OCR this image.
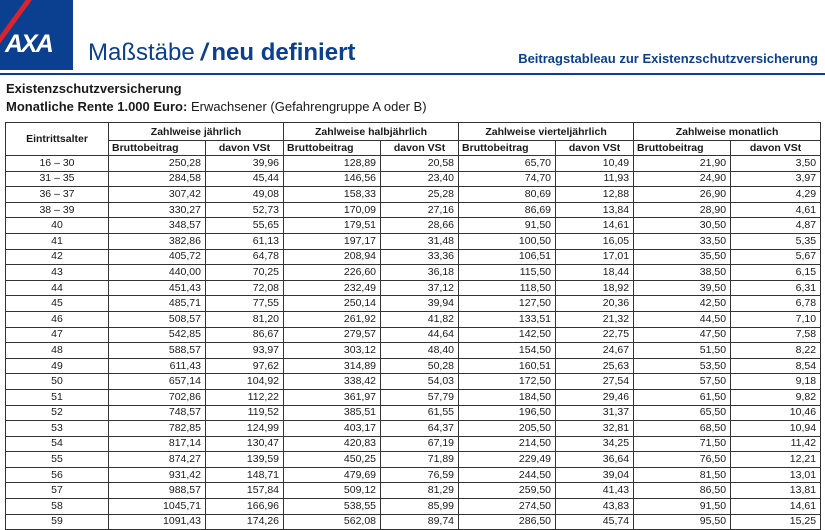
AXA Maßstäbe / neu definiert	Beitragstableau zur Existenzschutzversicherung
Existenzschutzversicherung
Monatliche Rente 1.000 Euro: Erwachsener (Gefahrengruppe A oder B)
Eintrittsalter	Zahlweise jährlich		Zahlweise halbjährlich		Zahlweise vierteljährlich		Zahlweise monatlich	
	Bruttobeitrag	davon VSt	Bruttobeitrag	davon VSt	Bruttobeitrag	davon VSt	Bruttobeitrag	davon VSt
16 – 30	250,28	39,96	128,89	20,58	65,70	10,49	21,90	3,50
31 – 35	284,58	45,44	146,56	23,40	74,70	11,93	24,90	3,97
36 – 37	307,42	49,08	158,33	25,28	80,69	12,88	26,90	4,29
38 – 39	330,27	52,73	170,09	27,16	86,69	13,84	28,90	4,61
40	348,57	55,65	179,51	28,66	91,50	14,61	30,50	4,87
41	382,86	61,13	197,17	31,48	100,50	16,05	33,50	5,35
42	405,72	64,78	208,94	33,36	106,51	17,01	35,50	5,67
43	440,00	70,25	226,60	36,18	115,50	18,44	38,50	6,15
44	451,43	72,08	232,49	37,12	118,50	18,92	39,50	6,31
45	485,71	77,55	250,14	39,94	127,50	20,36	42,50	6,78
46	508,57	81,20	261,92	41,82	133,51	21,32	44,50	7,10
47	542,85	86,67	279,57	44,64	142,50	22,75	47,50	7,58
48	588,57	93,97	303,12	48,40	154,50	24,67	51,50	8,22
49	611,43	97,62	314,89	50,28	160,51	25,63	53,50	8,54
50	657,14	104,92	338,42	54,03	172,50	27,54	57,50	9,18
51	702,86	112,22	361,97	57,79	184,50	29,46	61,50	9,82
52	748,57	119,52	385,51	61,55	196,50	31,37	65,50	10,46
53	782,85	124,99	403,17	64,37	205,50	32,81	68,50	10,94
54	817,14	130,47	420,83	67,19	214,50	34,25	71,50	11,42
55	874,27	139,59	450,25	71,89	229,49	36,64	76,50	12,21
56	931,42	148,71	479,69	76,59	244,50	39,04	81,50	13,01
57	988,57	157,84	509,12	81,29	259,50	41,43	86,50	13,81
58	1045,71	166,96	538,55	85,99	274,50	43,83	91,50	14,61
59	1091,43	174,26	562,08	89,74	286,50	45,74	95,50	15,25
